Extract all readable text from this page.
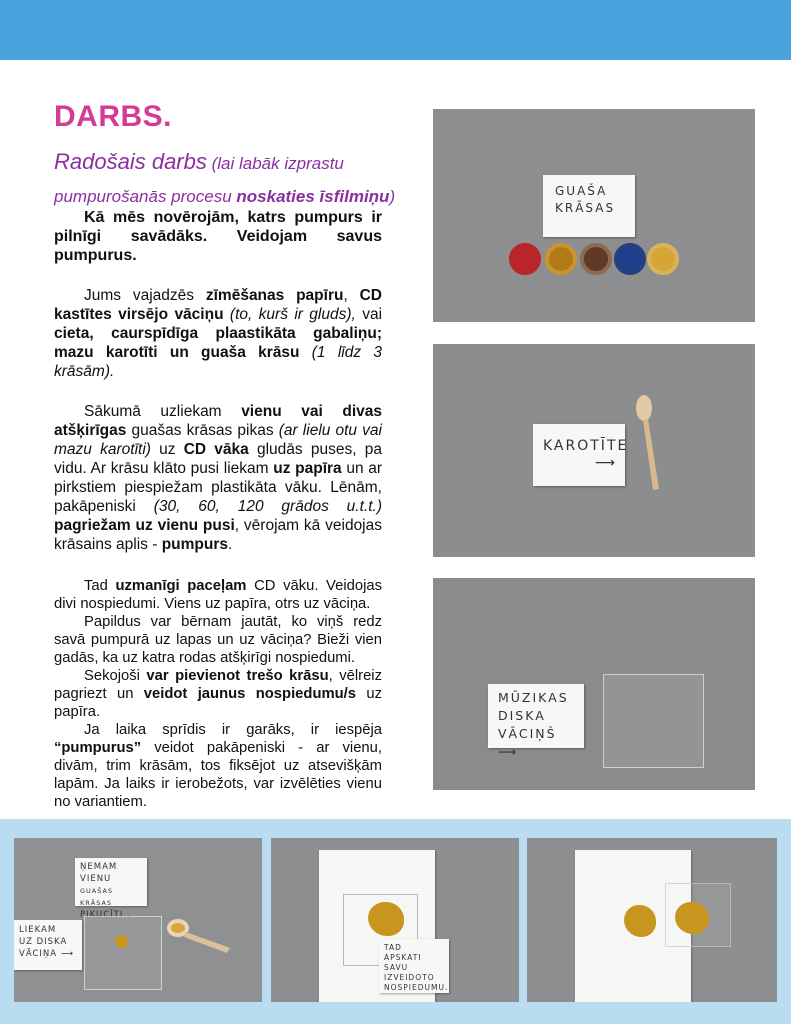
DARBS.
Radošais darbs (lai labāk izprastu pumpurošanās procesu noskaties īsfilmiņu)

Kā mēs novērojām, katrs pumpurs ir pilnīgi savādāks. Veidojam savus pumpurus.

Jums vajadzēs zīmēšanas papīru, CD kastītes virsējo vāciņu (to, kurš ir gluds), vai cieta, caurspīdīga plaastikāta gabaliņu; mazu karotīti un guaša krāsu (1 līdz 3 krāsām).

Sākumā uzliekam vienu vai divas atšķirīgas guašas krāsas pikas (ar lielu otu vai mazu karotīti) uz CD vāka gludās puses, pa vidu. Ar krāsu klāto pusi liekam uz papīra un ar pirkstiem piespiežam plastikāta vāku. Lēnām, pakāpeniski (30, 60, 120 grādos u.t.t.) pagriežam uz vienu pusi, vērojam kā veidojas krāsains aplis - pumpurs.

Tad uzmanīgi paceļam CD vāku. Veidojas divi nospiedumi. Viens uz papīra, otrs uz vāciņa.

Papildus var bērnam jautāt, ko viņš redz savā pumpurā uz lapas un uz vāciņa? Bieži vien gadās, ka uz katra rodas atšķirīgi nospiedumi.

Sekojoši var pievienot trešo krāsu, vēlreiz pagriezt un veidot jaunus nospiedumu/s uz papīra.

Ja laika sprīdis ir garāks, ir iespēja “pumpurus” veidot pakāpeniski - ar vienu, divām, trim krāsām, tos fiksējot uz atsevišķām lapām. Ja laiks ir ierobežots, var izvēlēties vienu no variantiem.

GUAŠA
KRĀSAS
KAROTĪTE
⟶
MŪZIKAS
DISKA
VĀCIŅŠ ⟶
ŅEMAM
VIENU
GUAŠAS KRĀSAS
PIKUCĪTI..
LIEKAM
UZ DISKA
VĀCIŅA ⟶
TAD
APSKATI SAVU
IZVEIDOTO
NOSPIEDUMU.
